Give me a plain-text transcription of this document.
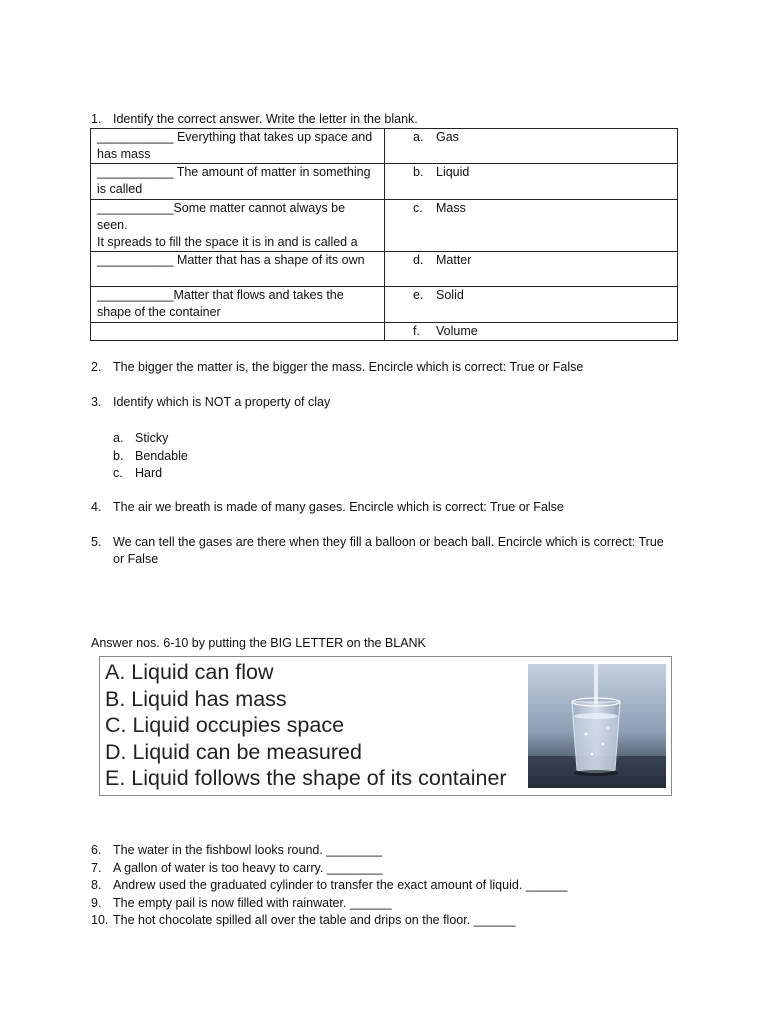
1. Identify the correct answer. Write the letter in the blank.
___________ Everything that takes up space and
has mass	a. Gas

___________ The amount of matter in something
is called	b. Liquid

___________Some matter cannot always be seen.
It spreads to fill the space it is in and is called a	c. Mass

___________ Matter that has a shape of its own	d. Matter

___________Matter that flows and takes the
shape of the container	e. Solid
	f. Volume
2. The bigger the matter is, the bigger the mass. Encircle which is correct: True or False
3. Identify which is NOT a property of clay
a. Sticky
b. Bendable
c. Hard
4. The air we breath is made of many gases. Encircle which is correct: True or False
5. We can tell the gases are there when they fill a balloon or beach ball. Encircle which is correct: True or False
Answer nos. 6-10 by putting the BIG LETTER on the BLANK
A. Liquid can flow
B. Liquid has mass
C. Liquid occupies space
D. Liquid can be measured
E. Liquid follows the shape of its container
6. The water in the fishbowl looks round. ________
7. A gallon of water is too heavy to carry. ________
8. Andrew used the graduated cylinder to transfer the exact amount of liquid. ______
9. The empty pail is now filled with rainwater. ______
10. The hot chocolate spilled all over the table and drips on the floor. ______
